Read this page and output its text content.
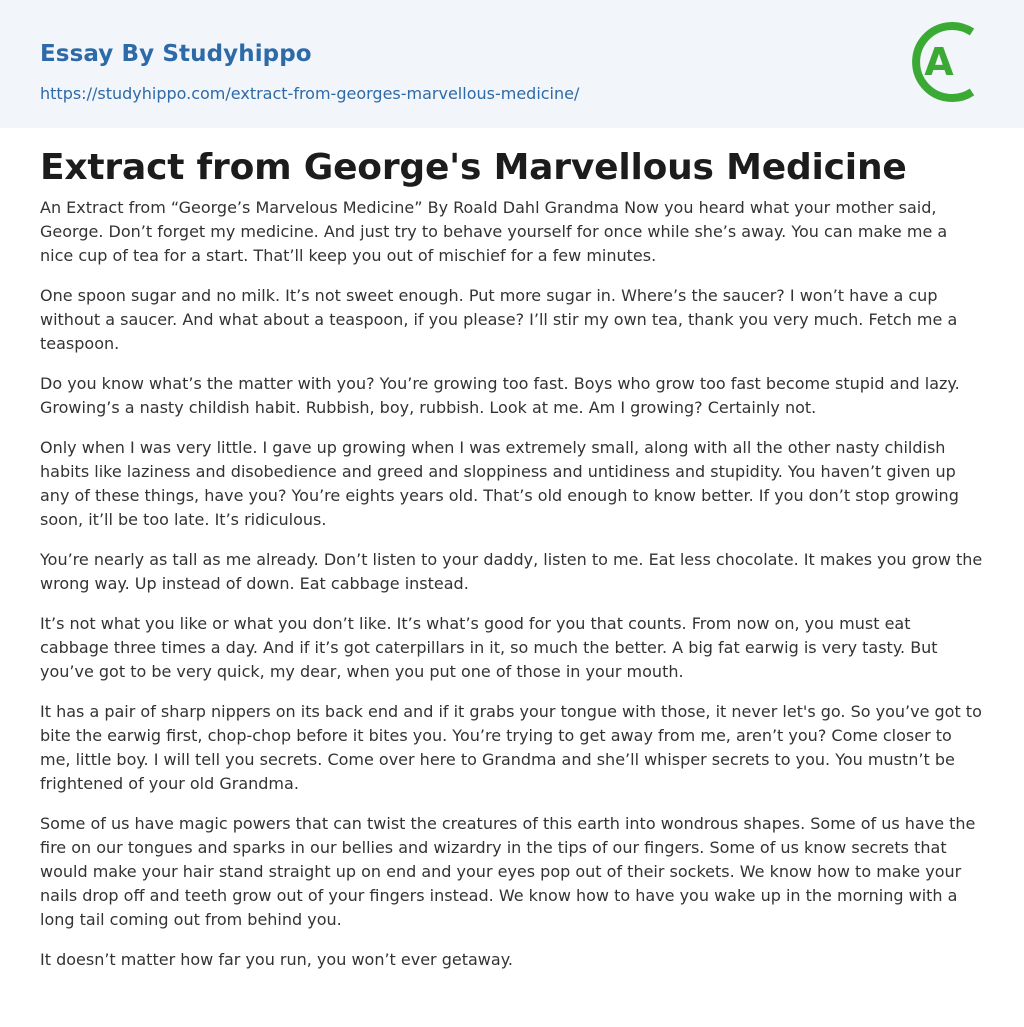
Essay By Studyhippo
https://studyhippo.com/extract-from-georges-marvellous-medicine/
A
Extract from George's Marvellous Medicine

An Extract from “George’s Marvelous Medicine” By Roald Dahl Grandma Now you heard what your mother said, George. Don’t forget my medicine. And just try to behave yourself for once while she’s away. You can make me a nice cup of tea for a start. That’ll keep you out of mischief for a few minutes.

One spoon sugar and no milk. It’s not sweet enough. Put more sugar in. Where’s the saucer? I won’t have a cup without a saucer. And what about a teaspoon, if you please? I’ll stir my own tea, thank you very much. Fetch me a teaspoon.

Do you know what’s the matter with you? You’re growing too fast. Boys who grow too fast become stupid and lazy. Growing’s a nasty childish habit. Rubbish, boy, rubbish. Look at me. Am I growing? Certainly not.

Only when I was very little. I gave up growing when I was extremely small, along with all the other nasty childish habits like laziness and disobedience and greed and sloppiness and untidiness and stupidity. You haven’t given up any of these things, have you? You’re eights years old. That’s old enough to know better. If you don’t stop growing soon, it’ll be too late. It’s ridiculous.

You’re nearly as tall as me already. Don’t listen to your daddy, listen to me. Eat less chocolate. It makes you grow the wrong way. Up instead of down. Eat cabbage instead.

It’s not what you like or what you don’t like. It’s what’s good for you that counts. From now on, you must eat cabbage three times a day. And if it’s got caterpillars in it, so much the better. A big fat earwig is very tasty. But you’ve got to be very quick, my dear, when you put one of those in your mouth.

It has a pair of sharp nippers on its back end and if it grabs your tongue with those, it never let's go. So you’ve got to bite the earwig first, chop-chop before it bites you. You’re trying to get away from me, aren’t you? Come closer to me, little boy. I will tell you secrets. Come over here to Grandma and she’ll whisper secrets to you. You mustn’t be frightened of your old Grandma.

Some of us have magic powers that can twist the creatures of this earth into wondrous shapes. Some of us have the fire on our tongues and sparks in our bellies and wizardry in the tips of our fingers. Some of us know secrets that would make your hair stand straight up on end and your eyes pop out of their sockets. We know how to make your nails drop off and teeth grow out of your fingers instead. We know how to have you wake up in the morning with a long tail coming out from behind you.

It doesn’t matter how far you run, you won’t ever getaway.
